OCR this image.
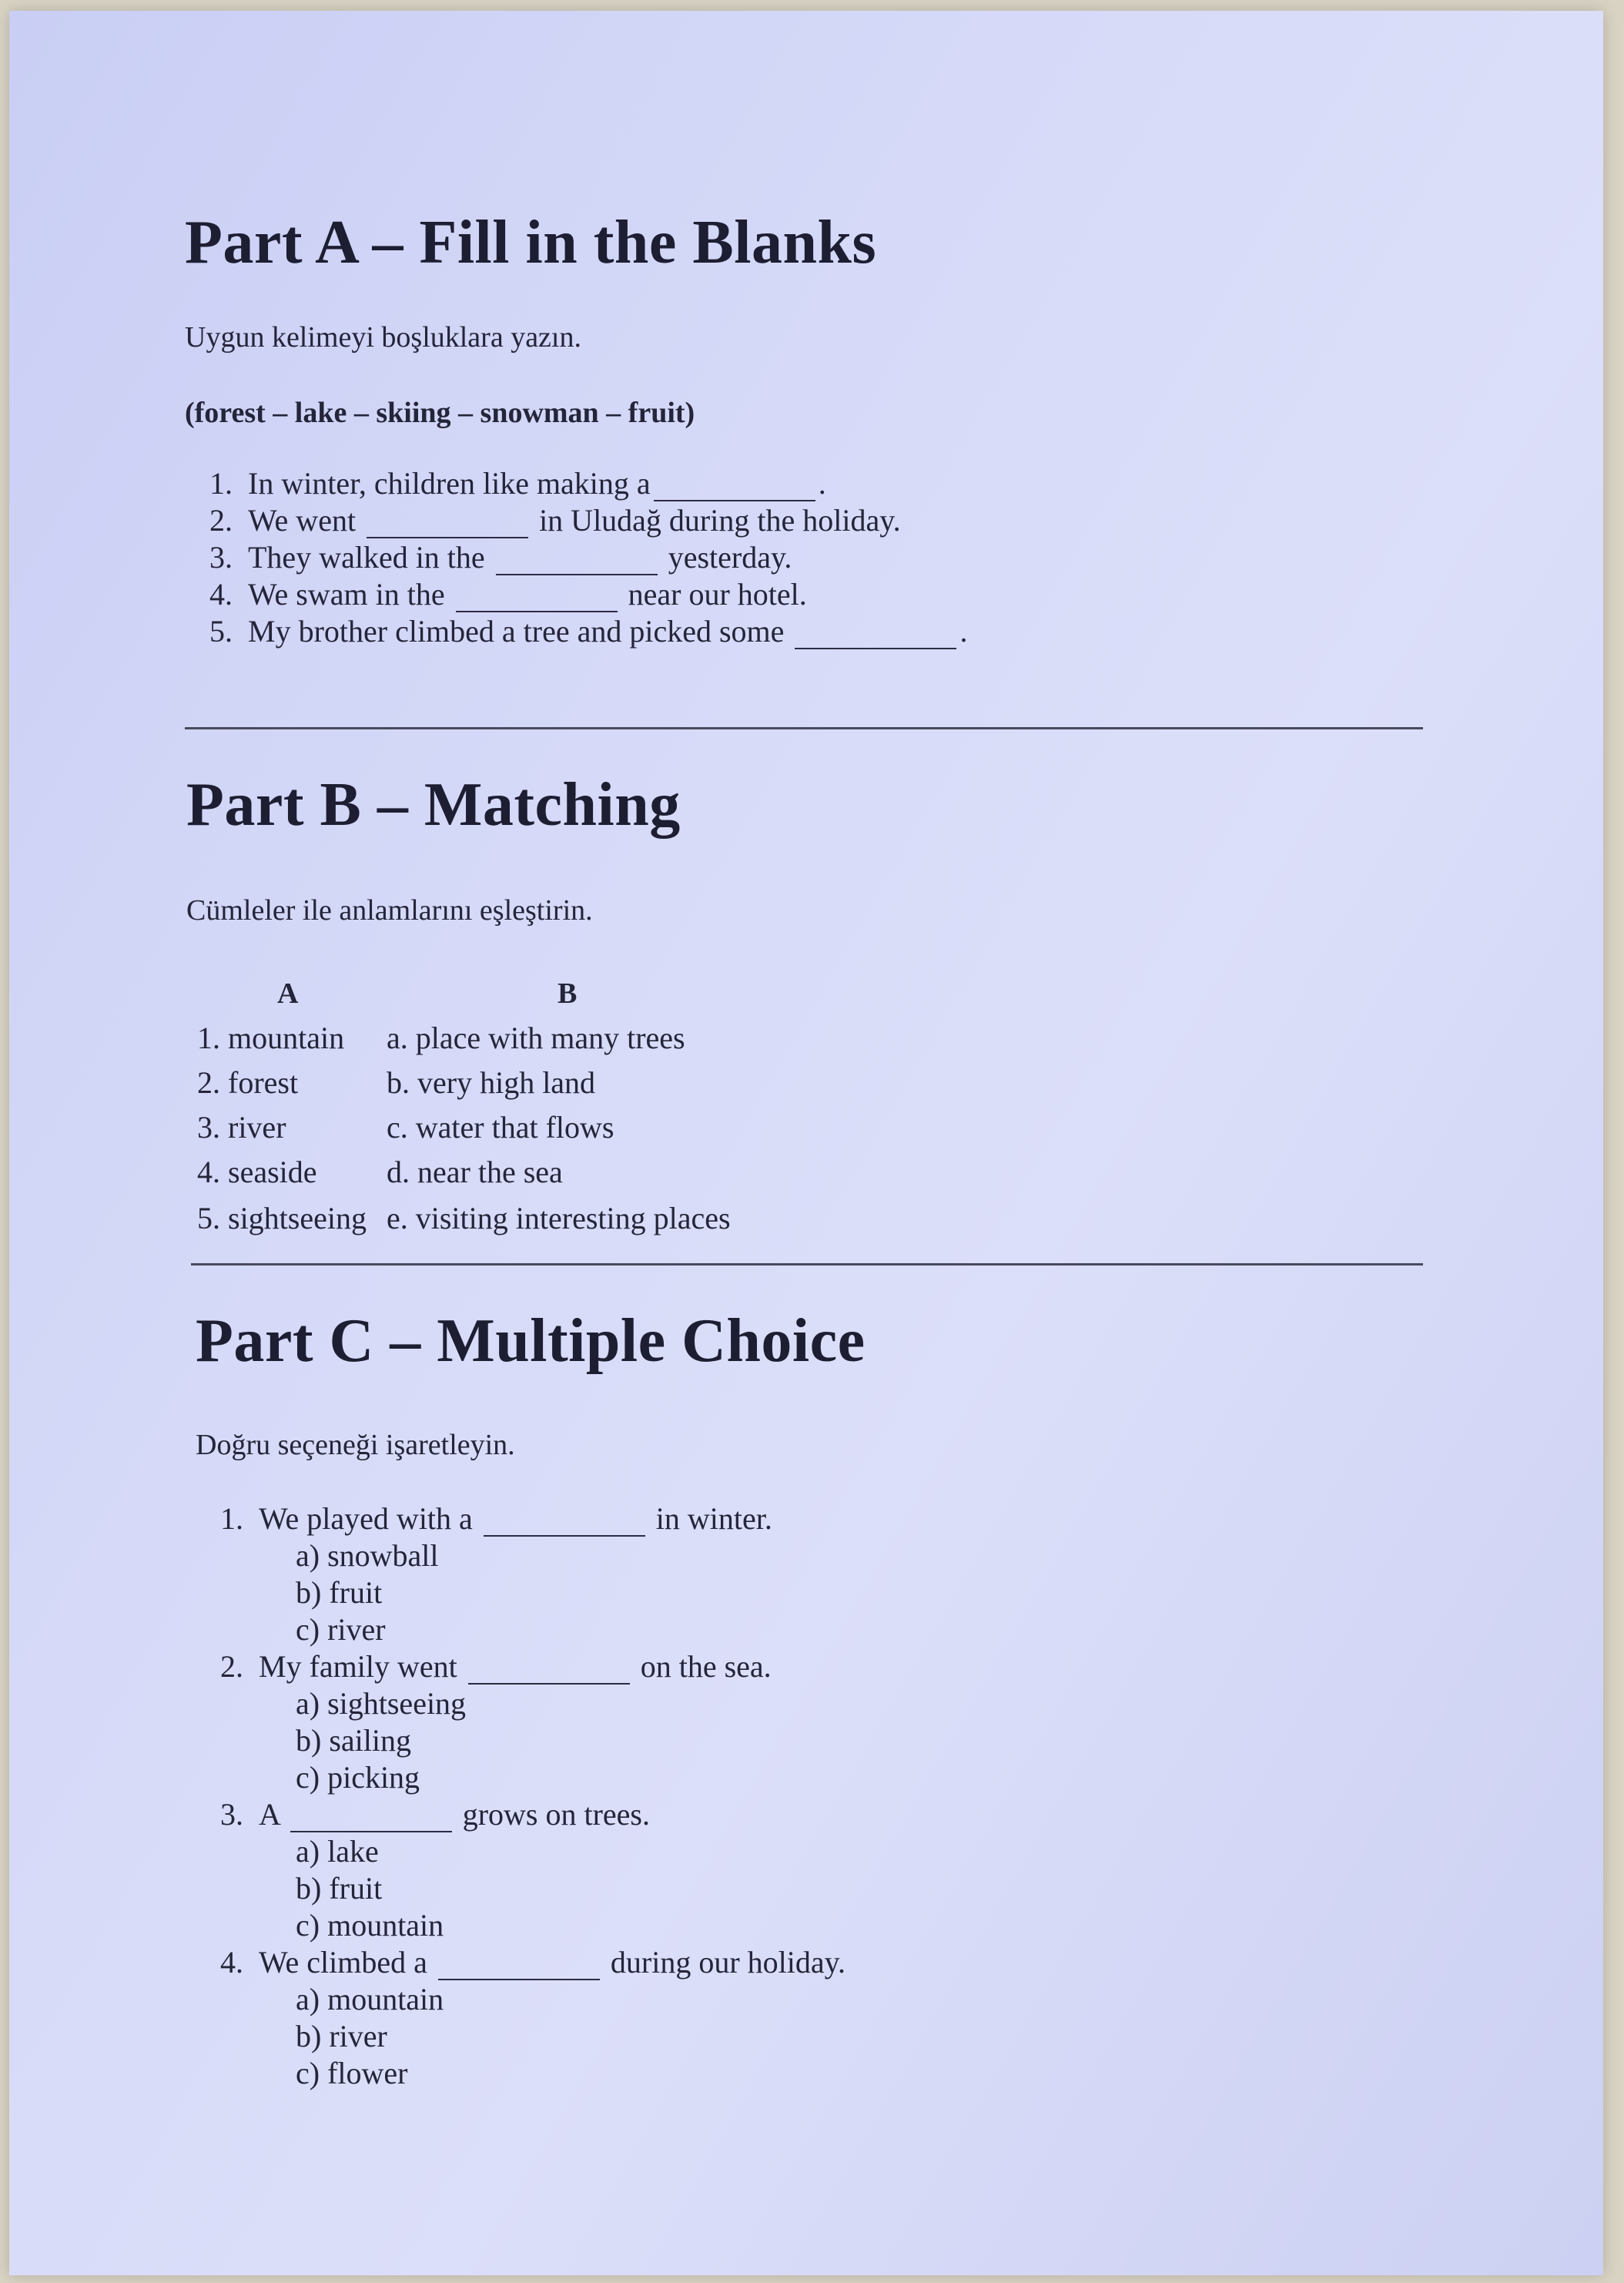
Part A – Fill in the Blanks
Uygun kelimeyi boşluklara yazın.
(forest – lake – skiing – snowman – fruit)
1. In winter, children like making a	.
2. We went	in Uludağ during the holiday.
3. They walked in the	yesterday.
4. We swam in the	near our hotel.
5. My brother climbed a tree and picked some	.
Part B – Matching
Cümleler ile anlamlarını eşleştirin.
A	B
1. mountain a. place with many trees
2. forest	b. very high land
3. river	c. water that flows
4. seaside d. near the sea
5. sightseeing e. visiting interesting places
Part C – Multiple Choice
Doğru seçeneği işaretleyin.
1. We played with a	in winter.
a) snowball
b) fruit
c) river
2. My family went	on the sea.
a) sightseeing
b) sailing
c) picking
3. A	grows on trees.
a) lake
b) fruit
c) mountain
4. We climbed a	during our holiday.
a) mountain
b) river
c) flower
